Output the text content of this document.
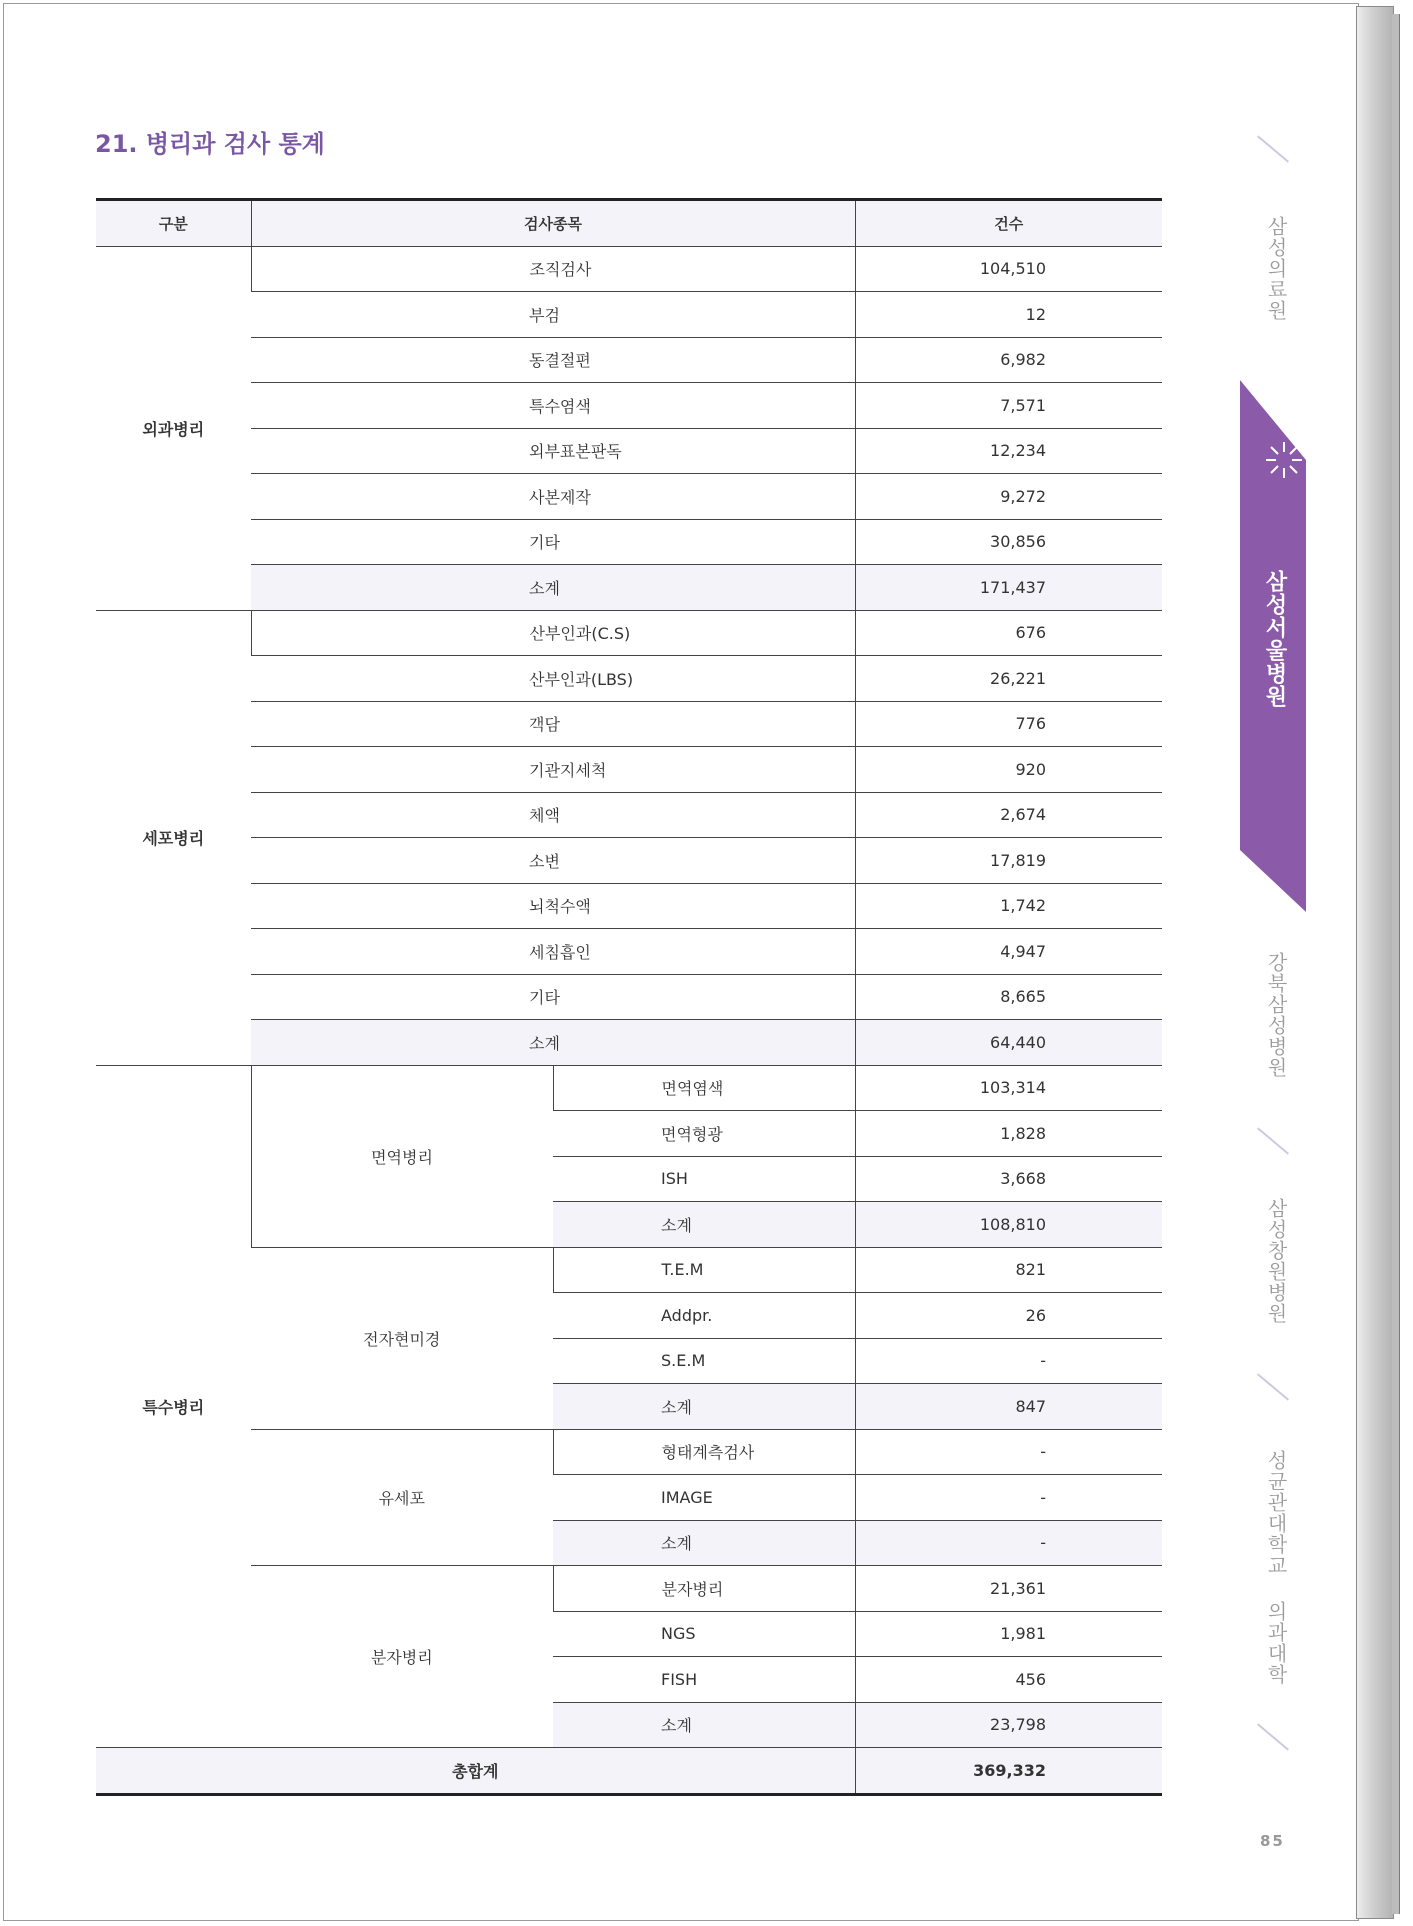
21. 병리과 검사 통계
구분	검사종목		건수
외과병리	조직검사		104,510
	부검		12
	동결절편		6,982
	특수염색		7,571
	외부표본판독		12,234
	사본제작		9,272
	기타		30,856
	소계		171,437
세포병리	산부인과(C.S)		676
	산부인과(LBS)		26,221
	객담		776
	기관지세척		920
	체액		2,674
	소변		17,819
	뇌척수액		1,742
	세침흡인		4,947
	기타		8,665
	소계		64,440
특수병리	면역병리	면역염색	103,314
		면역형광	1,828
		ISH	3,668
		소계	108,810
	전자현미경	T.E.M	821
		Addpr.	26
		S.E.M	-
		소계	847
	유세포	형태계측검사	-
		IMAGE	-
		소계	-
	분자병리	분자병리	21,361
		NGS	1,981
		FISH	456
		소계	23,798
총합계			369,332
삼성의료원
삼성서울병원
강북삼성병원
삼성창원병원
성균관대학교 의과대학
85
